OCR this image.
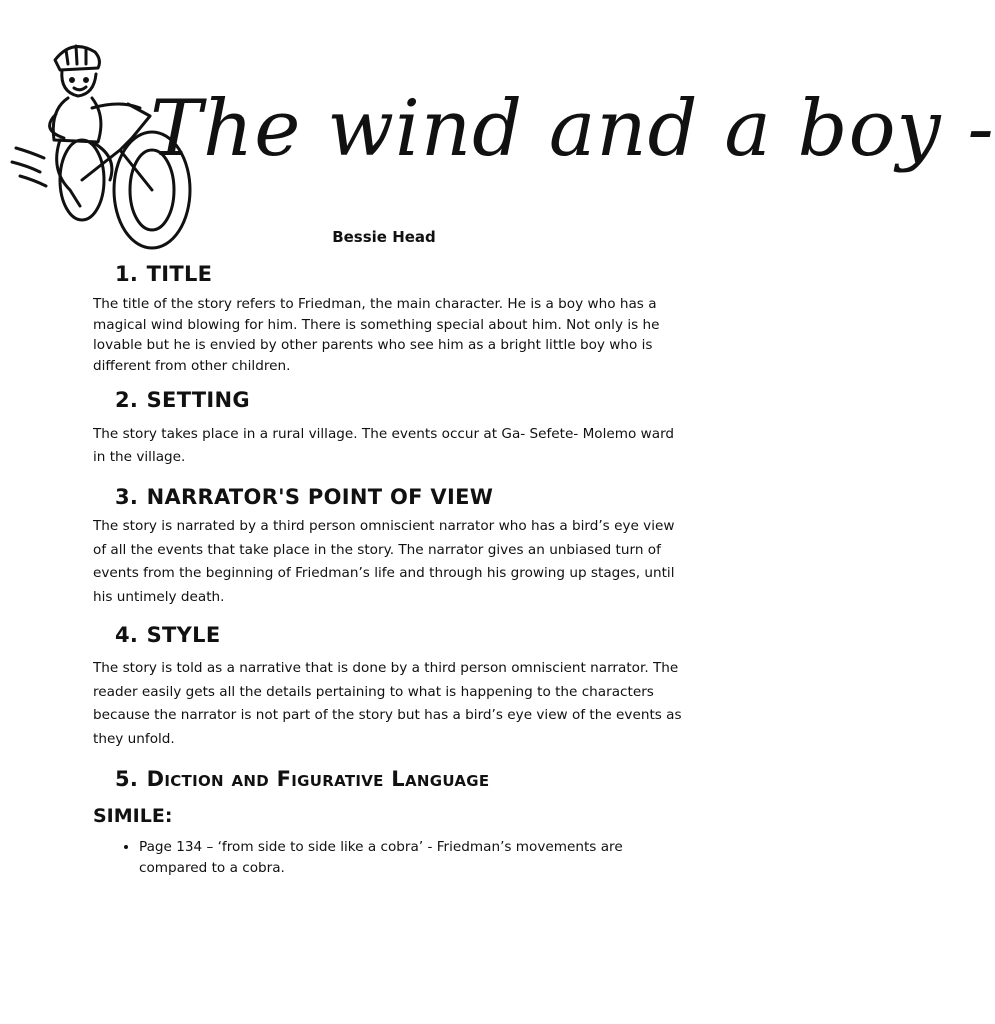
The wind and a boy -
Bessie Head
1. TITLE

The title of the story refers to Friedman, the main character. He is a boy who has a magical wind blowing for him. There is something special about him. Not only is he lovable but he is envied by other parents who see him as a bright little boy who is different from other children.

2. SETTING

The story takes place in a rural village. The events occur at Ga- Sefete- Molemo ward in the village.

3. NARRATOR'S POINT OF VIEW

The story is narrated by a third person omniscient narrator who has a bird’s eye view of all the events that take place in the story. The narrator gives an unbiased turn of events from the beginning of Friedman’s life and through his growing up stages, until his untimely death.

4. STYLE

The story is told as a narrative that is done by a third person omniscient narrator. The reader easily gets all the details pertaining to what is happening to the characters because the narrator is not part of the story but has a bird’s eye view of the events as they unfold.

5. Diction and Figurative Language
SIMILE:
• Page 134 – ‘from side to side like a cobra’ - Friedman’s movements are compared to a cobra.
